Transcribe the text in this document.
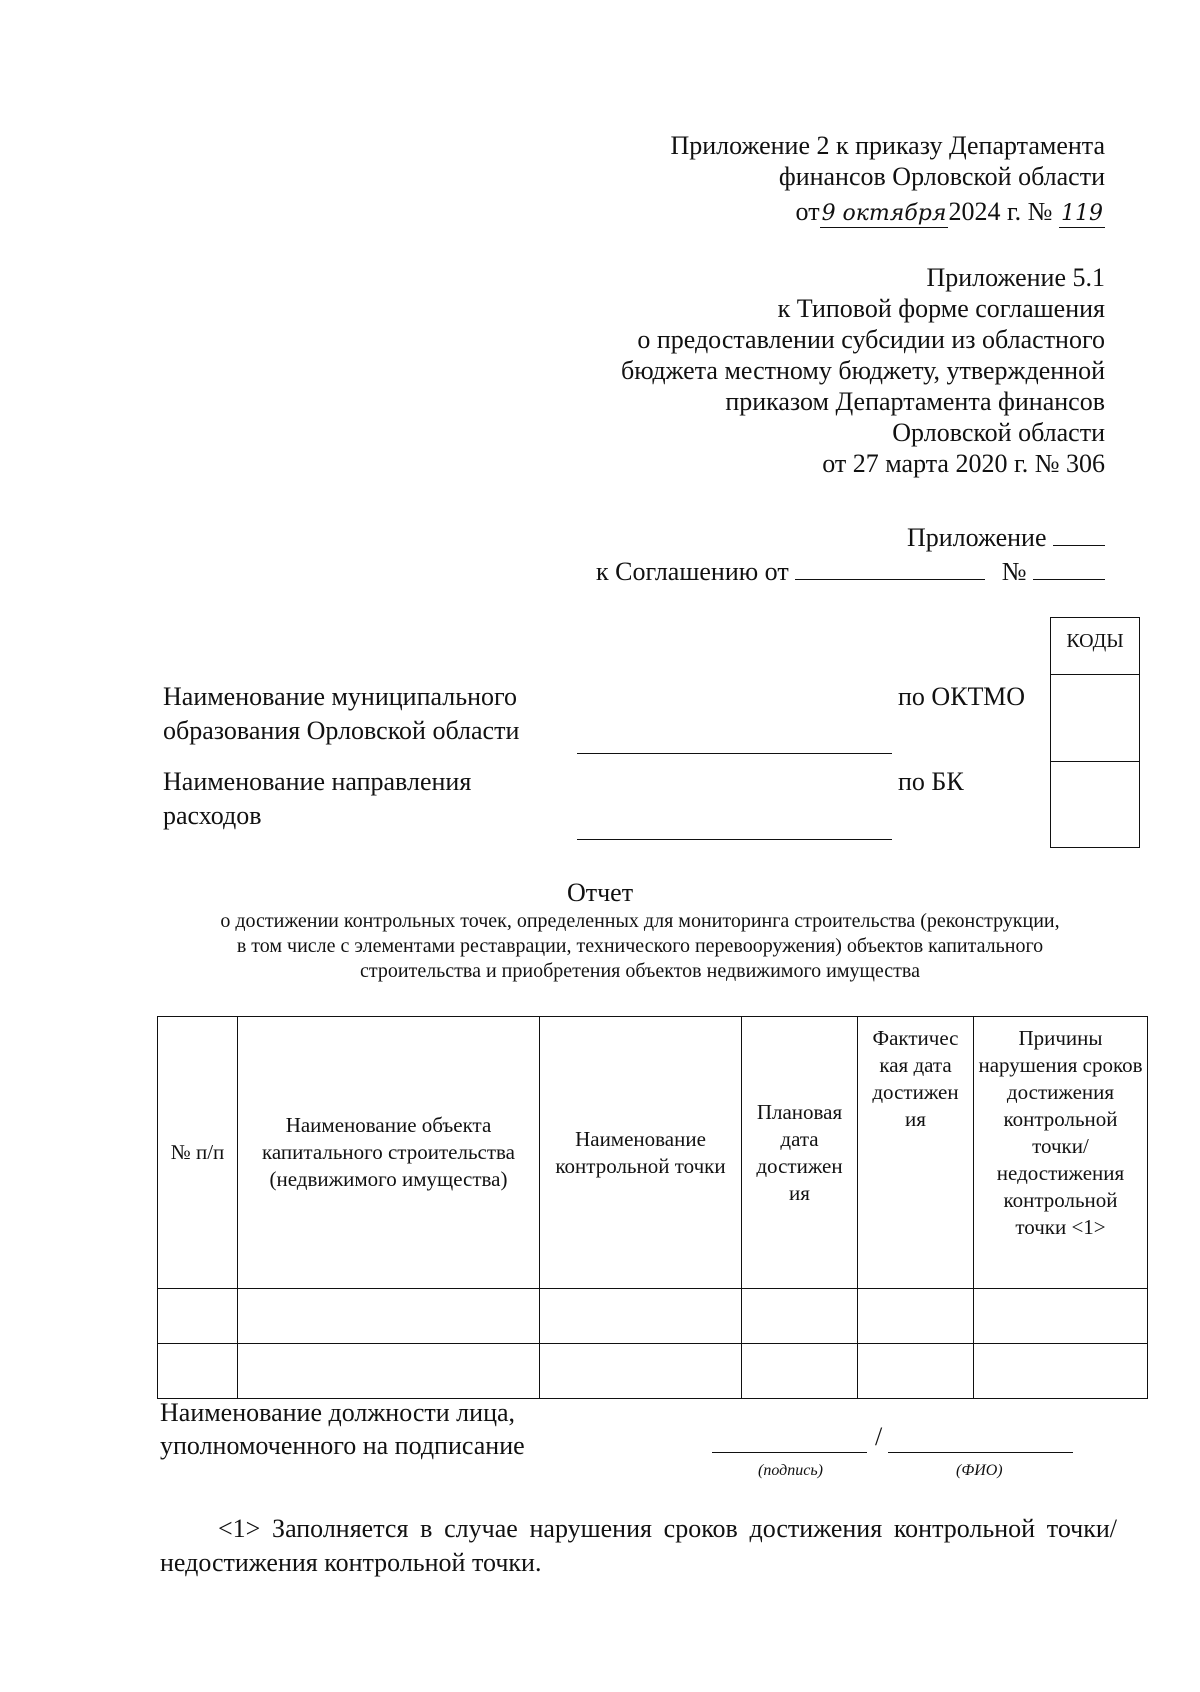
Приложение 2 к приказу Департамента
финансов Орловской области
от9 октября2024 г. № 119
Приложение 5.1
к Типовой форме соглашения
о предоставлении субсидии из областного
бюджета местному бюджету, утвержденной
приказом Департамента финансов
Орловской области
от 27 марта 2020 г. № 306
Приложение
к Соглашению от	№
КОДЫ
Наименование муниципального
образования Орловской области
по ОКТМО
Наименование направления
расходов
по БК
Отчет
о достижении контрольных точек, определенных для мониторинга строительства (реконструкции,
в том числе с элементами реставрации, технического перевооружения) объектов капитального
строительства и приобретения объектов недвижимого имущества
№ п/п	Наименование объекта капитального строительства (недвижимого имущества)	Наименование контрольной точки	Плановая дата достижен ия	Фактичес кая дата достижен ия	Причины нарушения сроков достижения контрольной точки/ недостижения контрольной точки <1>

Наименование должности лица,
уполномоченного на подписание	/
(подпись)	(ФИО)
<1> Заполняется в случае нарушения сроков достижения контрольной точки/недостижения контрольной точки.
